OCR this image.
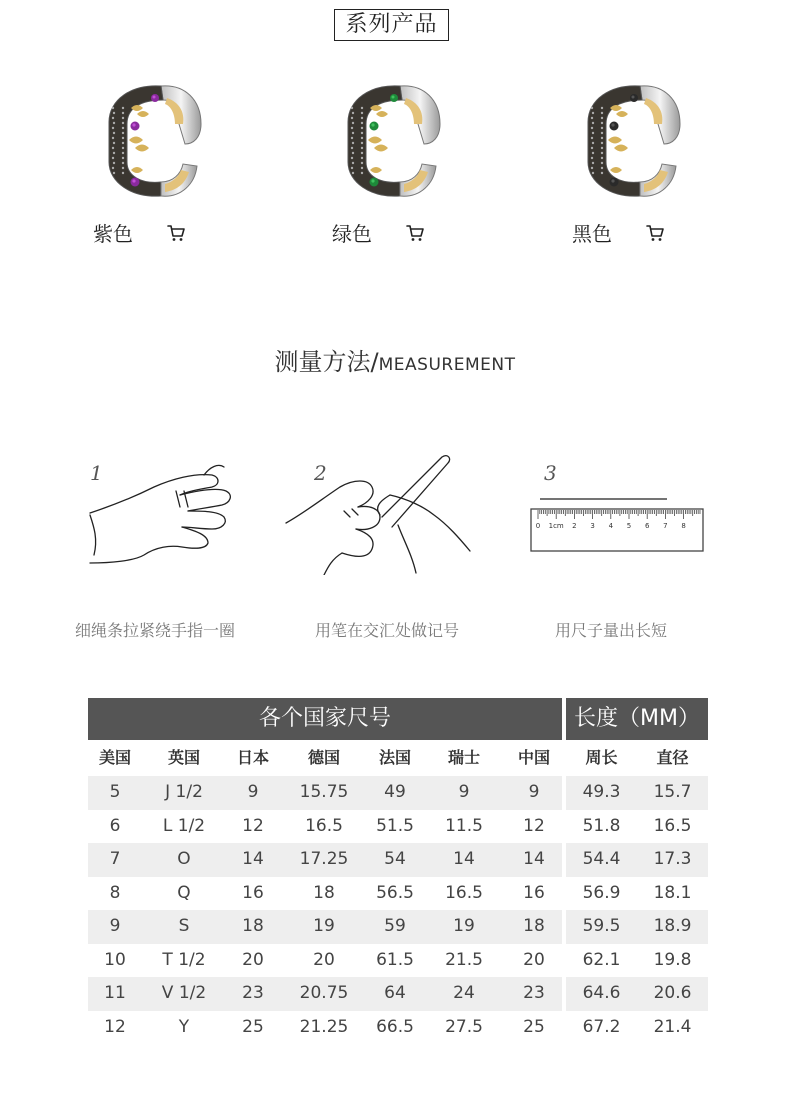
系列产品
紫色	绿色	黑色
测量方法/MEASUREMENT
1	2	3
0 1cm 2 3 4 5 6 7 8
细绳条拉紧绕手指一圈	用笔在交汇处做记号	用尺子量出长短
各个国家尺号	长度（MM）
美国	英国	日本	德国	法国	瑞士	中国	周长	直径
5	J 1/2	9	15.75	49	9	9	49.3	15.7
6	L 1/2	12	16.5	51.5	11.5	12	51.8	16.5
7	O	14	17.25	54	14	14	54.4	17.3
8	Q	16	18	56.5	16.5	16	56.9	18.1
9	S	18	19	59	19	18	59.5	18.9
10	T 1/2	20	20	61.5	21.5	20	62.1	19.8
11	V 1/2	23	20.75	64	24	23	64.6	20.6
12	Y	25	21.25	66.5	27.5	25	67.2	21.4
